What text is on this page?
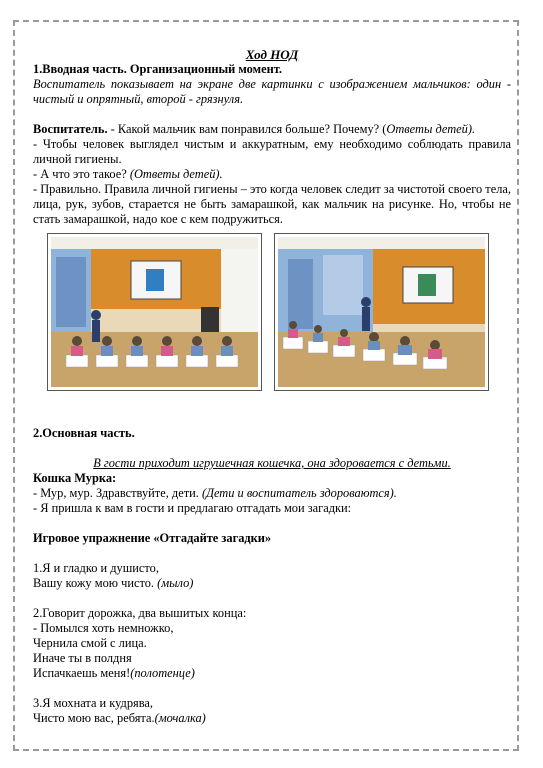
Ход НОД

1.Вводная часть. Организационный момент.

Воспитатель показывает на экране две картинки с изображением мальчиков: один - чистый и опрятный, второй - грязнуля.

Воспитатель. - Какой мальчик вам понравился больше? Почему? (Ответы детей).

- Чтобы человек выглядел чистым и аккуратным, ему необходимо соблюдать правила личной гигиены.

- А что это такое? (Ответы детей).

- Правильно. Правила личной гигиены – это когда человек следит за чистотой своего тела, лица, рук, зубов, старается не быть замарашкой, как мальчик на рисунке. Но, чтобы не стать замарашкой, надо кое с кем подружиться.

2.Основная часть.

В гости приходит игрушечная кошечка, она здоровается с детьми.

Кошка Мурка:

- Мур, мур. Здравствуйте, дети. (Дети и воспитатель здороваются).

- Я пришла к вам в гости и предлагаю отгадать мои загадки:

Игровое упражнение «Отгадайте загадки»

1.Я и гладко и душисто,

Вашу кожу мою чисто. (мыло)

2.Говорит дорожка, два вышитых конца:

- Помылся хоть немножко,

Чернила смой с лица.

Иначе ты в полдня

Испачкаешь меня!(полотенце)

3.Я мохната и кудрява,

Чисто мою вас, ребята.(мочалка)
